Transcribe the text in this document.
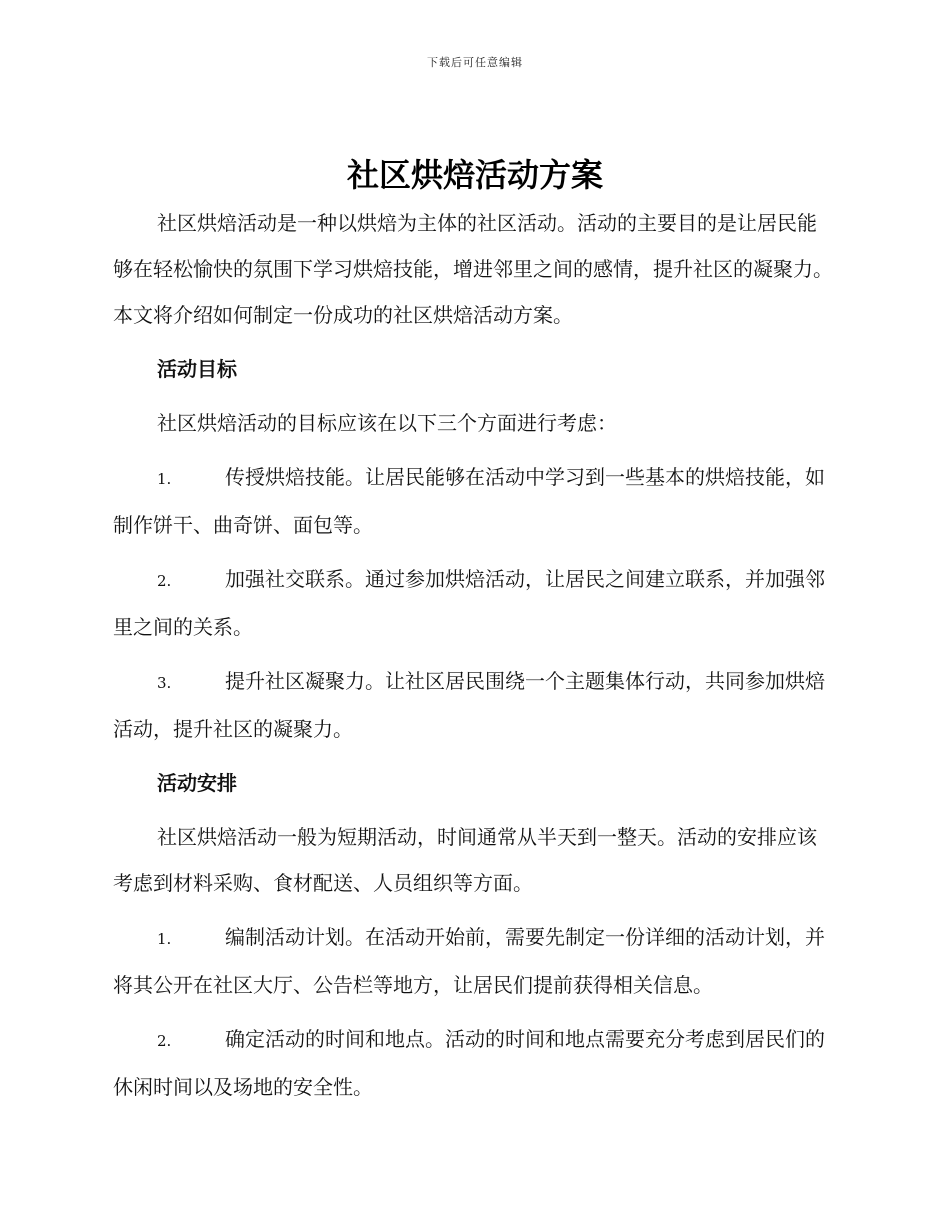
下载后可任意编辑
社区烘焙活动方案

社区烘焙活动是一种以烘焙为主体的社区活动。活动的主要目的是让居民能够在轻松愉快的氛围下学习烘焙技能，增进邻里之间的感情，提升社区的凝聚力。本文将介绍如何制定一份成功的社区烘焙活动方案。

活动目标

社区烘焙活动的目标应该在以下三个方面进行考虑：

1.	传授烘焙技能。让居民能够在活动中学习到一些基本的烘焙技能，如制作饼干、曲奇饼、面包等。

2.	加强社交联系。通过参加烘焙活动，让居民之间建立联系，并加强邻里之间的关系。

3.	提升社区凝聚力。让社区居民围绕一个主题集体行动，共同参加烘焙活动，提升社区的凝聚力。

活动安排

社区烘焙活动一般为短期活动，时间通常从半天到一整天。活动的安排应该考虑到材料采购、食材配送、人员组织等方面。

1.	编制活动计划。在活动开始前，需要先制定一份详细的活动计划，并将其公开在社区大厅、公告栏等地方，让居民们提前获得相关信息。

2.	确定活动的时间和地点。活动的时间和地点需要充分考虑到居民们的休闲时间以及场地的安全性。
